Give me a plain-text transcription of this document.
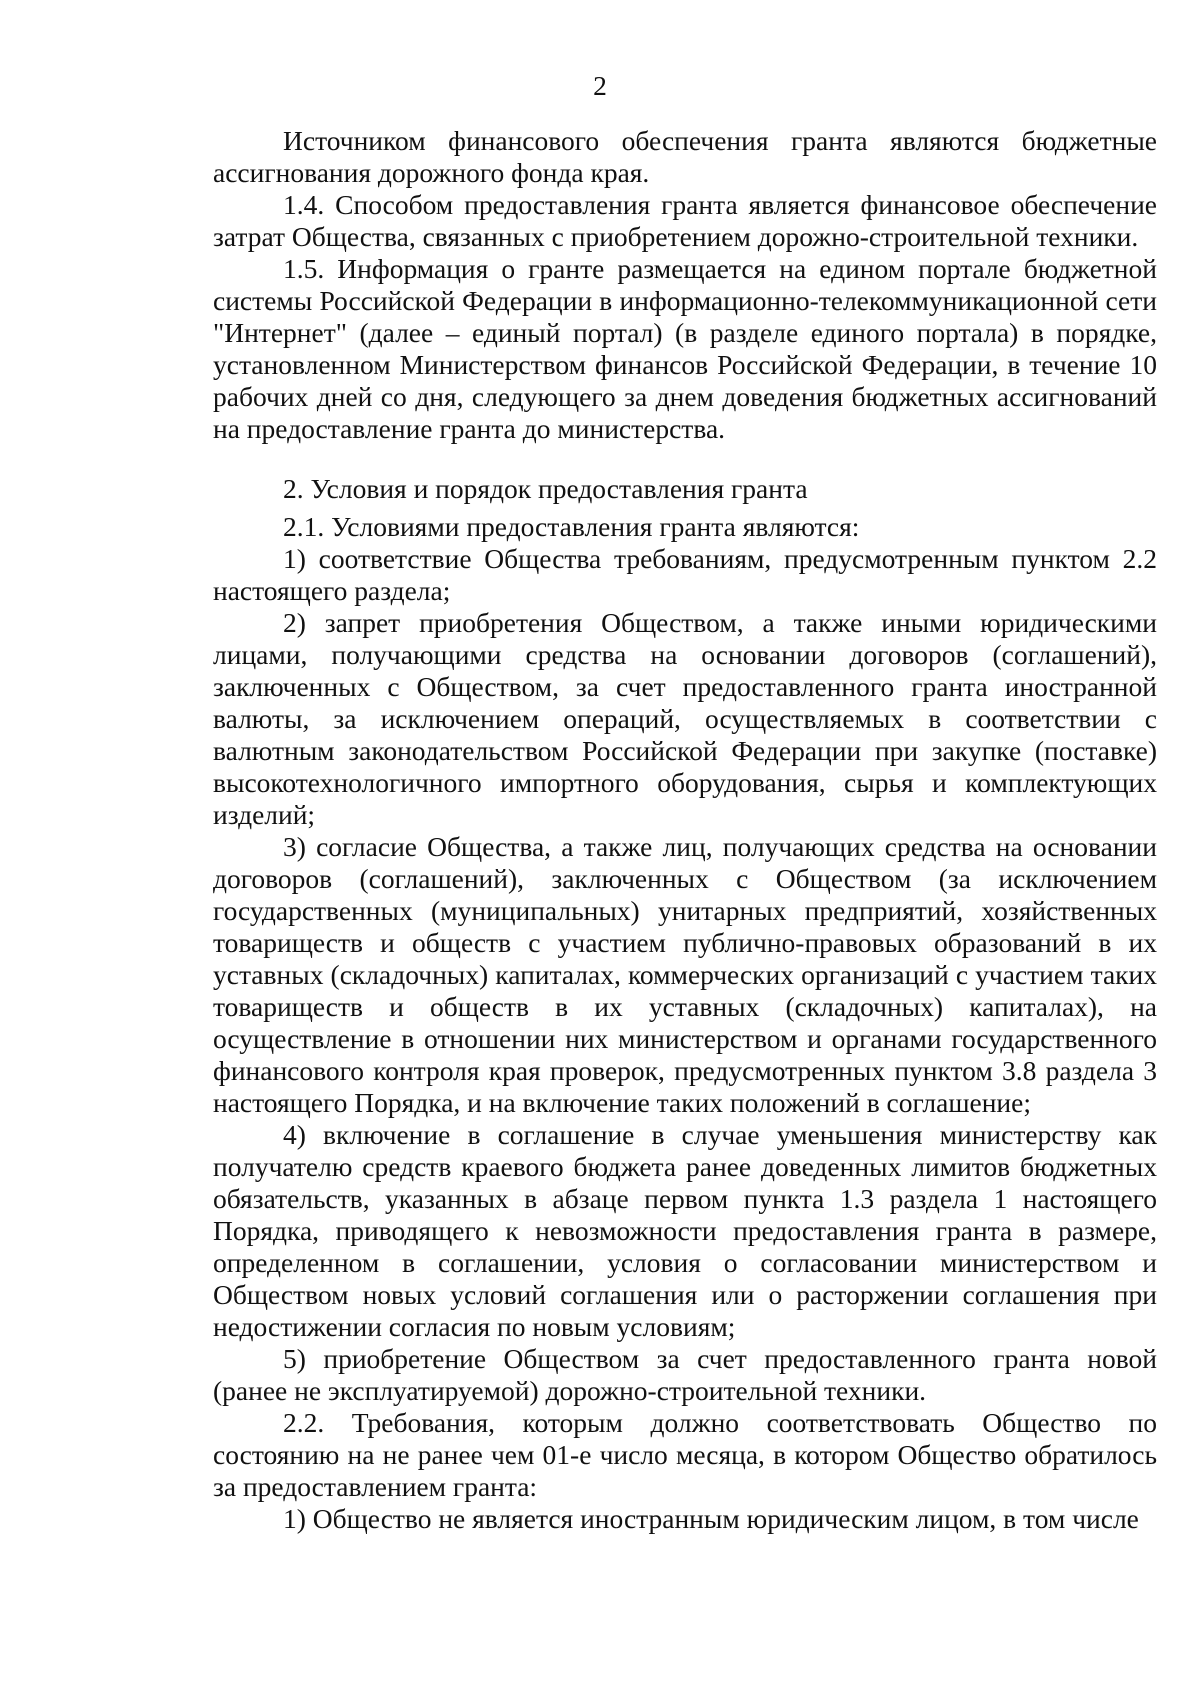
2

Источником финансового обеспечения гранта являются бюджетные ассигнования дорожного фонда края.

1.4. Способом предоставления гранта является финансовое обеспечение затрат Общества, связанных с приобретением дорожно-строительной техники.

1.5. Информация о гранте размещается на едином портале бюджетной системы Российской Федерации в информационно-телекоммуникационной сети "Интернет" (далее – единый портал) (в разделе единого портала) в порядке, установленном Министерством финансов Российской Федерации, в течение 10 рабочих дней со дня, следующего за днем доведения бюджетных ассигнований на предоставление гранта до министерства.

2. Условия и порядок предоставления гранта

2.1. Условиями предоставления гранта являются:

1) соответствие Общества требованиям, предусмотренным пунктом 2.2 настоящего раздела;

2) запрет приобретения Обществом, а также иными юридическими лицами, получающими средства на основании договоров (соглашений), заключенных с Обществом, за счет предоставленного гранта иностранной валюты, за исключением операций, осуществляемых в соответствии с валютным законодательством Российской Федерации при закупке (поставке) высокотехнологичного импортного оборудования, сырья и комплектующих изделий;

3) согласие Общества, а также лиц, получающих средства на основании договоров (соглашений), заключенных с Обществом (за исключением государственных (муниципальных) унитарных предприятий, хозяйственных товариществ и обществ с участием публично-правовых образований в их уставных (складочных) капиталах, коммерческих организаций с участием таких товариществ и обществ в их уставных (складочных) капиталах), на осуществление в отношении них министерством и органами государственного финансового контроля края проверок, предусмотренных пунктом 3.8 раздела 3 настоящего Порядка, и на включение таких положений в соглашение;

4) включение в соглашение в случае уменьшения министерству как получателю средств краевого бюджета ранее доведенных лимитов бюджетных обязательств, указанных в абзаце первом пункта 1.3 раздела 1 настоящего Порядка, приводящего к невозможности предоставления гранта в размере, определенном в соглашении, условия о согласовании министерством и Обществом новых условий соглашения или о расторжении соглашения при недостижении согласия по новым условиям;

5) приобретение Обществом за счет предоставленного гранта новой (ранее не эксплуатируемой) дорожно-строительной техники.

2.2. Требования, которым должно соответствовать Общество по состоянию на не ранее чем 01-е число месяца, в котором Общество обратилось за предоставлением гранта:

1) Общество не является иностранным юридическим лицом, в том числе
